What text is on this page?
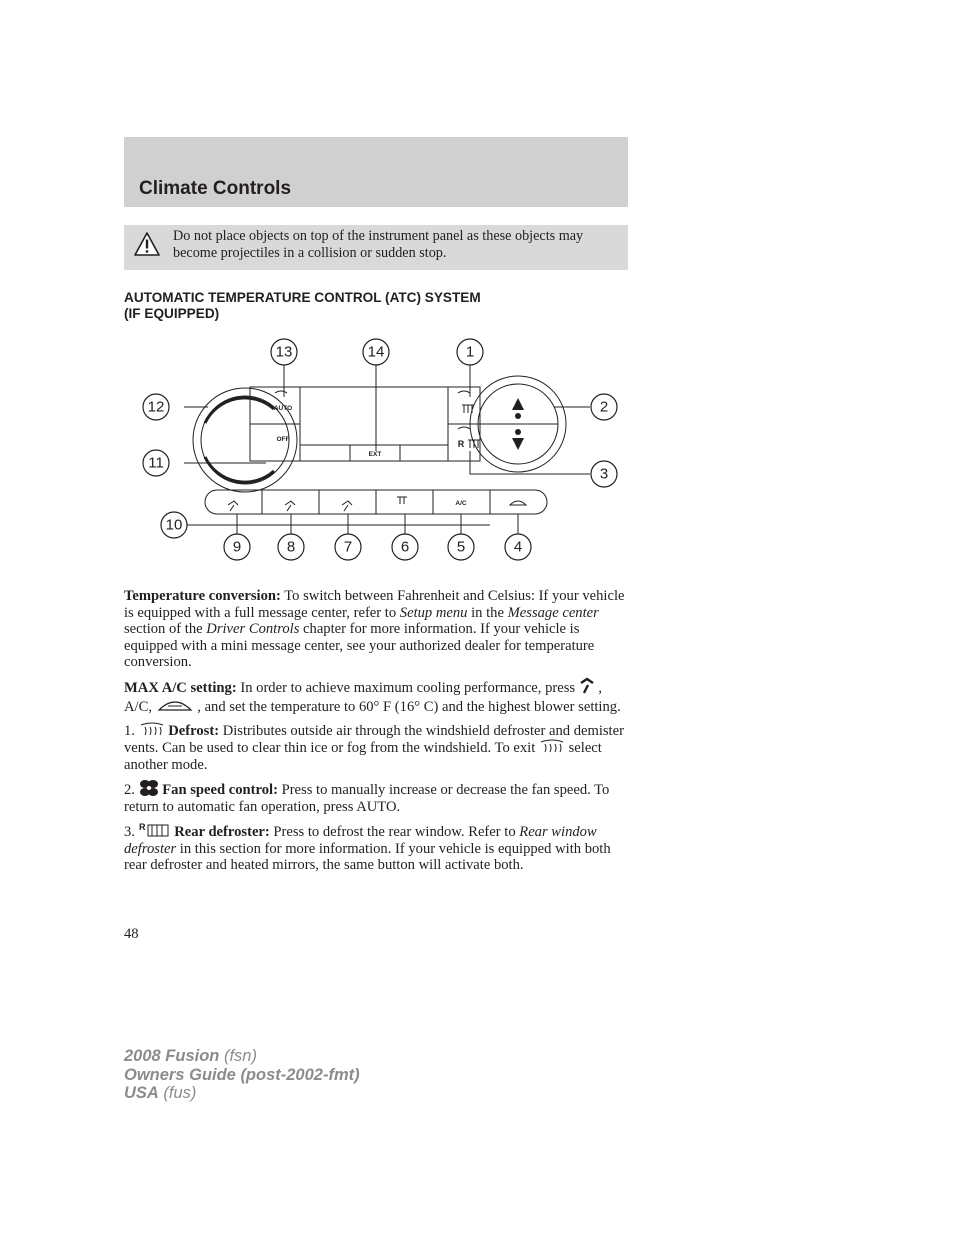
Climate Controls

Do not place objects on top of the instrument panel as these objects may become projectiles in a collision or sudden stop.

AUTOMATIC TEMPERATURE CONTROL (ATC) SYSTEM
(IF EQUIPPED)
AUTO
OFF
EXT
A/C
R
13	14	1
2
3
4
5
6
7
8
9
10
11
12

Temperature conversion: To switch between Fahrenheit and Celsius: If your vehicle is equipped with a full message center, refer to Setup menu in the Message center section of the Driver Controls chapter for more information. If your vehicle is equipped with a mini message center, see your authorized dealer for temperature conversion.

MAX A/C setting: In order to achieve maximum cooling performance, press  , A/C,	, and set the temperature to 60° F (16° C) and the highest blower setting.

1. Defrost: Distributes outside air through the windshield defroster and demister vents. Can be used to clear thin ice or fog from the windshield. To exit  select another mode.

2. Fan speed control: Press to manually increase or decrease the fan speed. To return to automatic fan operation, press AUTO.

3. R Rear defroster: Press to defrost the rear window. Refer to Rear window defroster in this section for more information. If your vehicle is equipped with both rear defroster and heated mirrors, the same button will activate both.

48
2008 Fusion (fsn)
Owners Guide (post-2002-fmt)
USA (fus)
